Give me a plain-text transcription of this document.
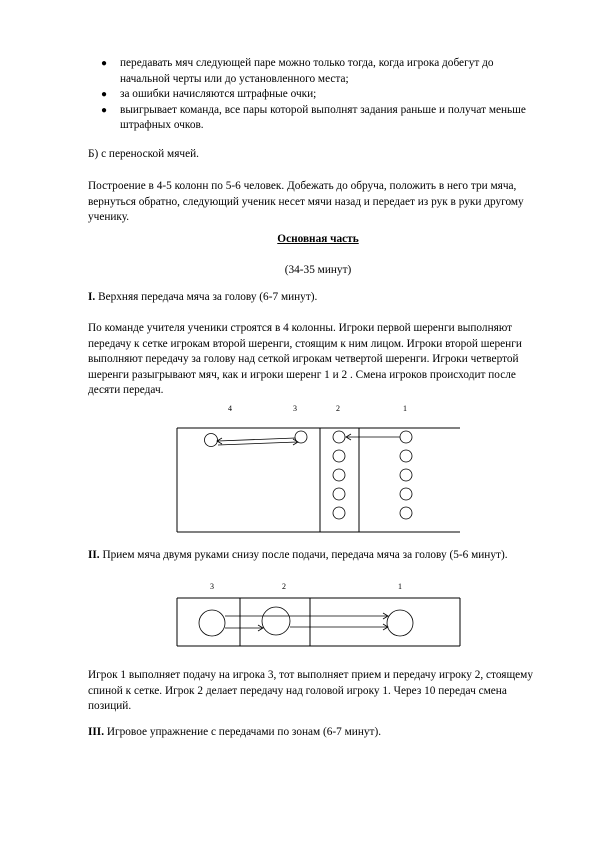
● передавать мяч следующей паре можно только тогда, когда игрока добегут до начальной черты или до установленного места;
● за ошибки начисляются штрафные очки;
● выигрывает команда, все пары которой выполнят задания раньше и получат меньше штрафных очков.
Б) с переноской мячей.
Построение в 4-5 колонн по 5-6 человек. Добежать до обруча, положить в него три мяча, вернуться обратно, следующий ученик несет мячи назад и передает из рук в руки другому ученику.
Основная часть
(34-35 минут)
I. Верхняя передача мяча за голову (6-7 минут).
По команде учителя ученики строятся в 4 колонны. Игроки первой шеренги выполняют передачу к сетке игрокам второй шеренги, стоящим к ним лицом. Игроки второй шеренги выполняют передачу за голову над сеткой игрокам четвертой шеренги. Игроки четвертой шеренги разыгрывают мяч, как и игроки шеренг 1 и 2 . Смена игроков происходит после десяти передач.
4	3	2	1
II. Прием мяча двумя руками снизу после подачи, передача мяча за голову (5-6 минут).
3	2	1
Игрок 1 выполняет подачу на игрока 3, тот выполняет прием и передачу игроку 2, стоящему спиной к сетке. Игрок 2 делает передачу над головой игроку 1. Через 10 передач смена позиций.
III. Игровое упражнение с передачами по зонам (6-7 минут).
